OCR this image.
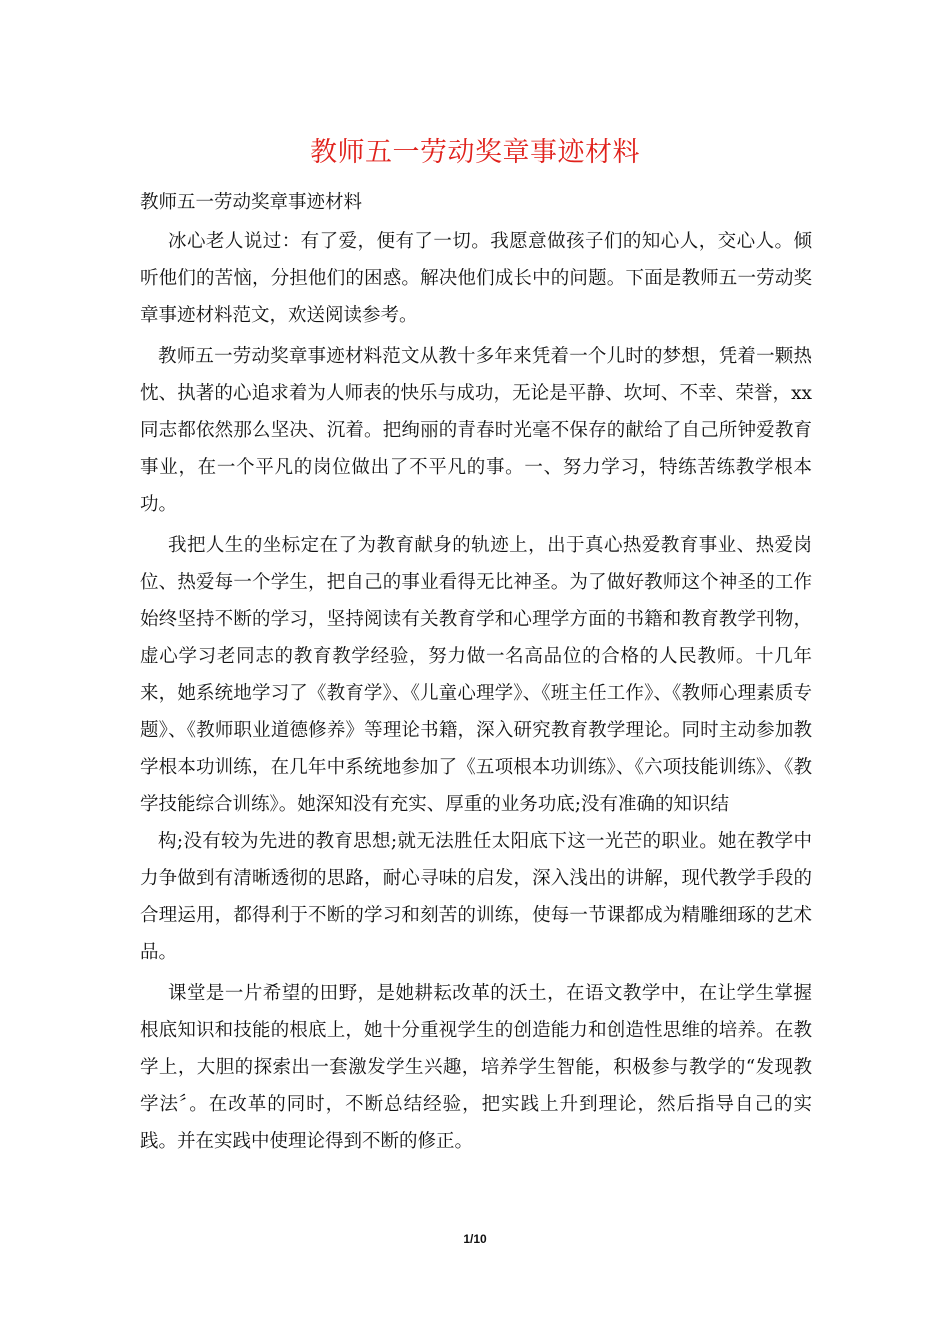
教师五一劳动奖章事迹材料

教师五一劳动奖章事迹材料

冰心老人说过：有了爱，便有了一切。我愿意做孩子们的知心人，交心人。倾听他们的苦恼，分担他们的困惑。解决他们成长中的问题。下面是教师五一劳动奖章事迹材料范文，欢送阅读参考。

教师五一劳动奖章事迹材料范文从教十多年来凭着一个儿时的梦想，凭着一颗热忱、执著的心追求着为人师表的快乐与成功，无论是平静、坎坷、不幸、荣誉，xx同志都依然那么坚决、沉着。把绚丽的青春时光毫不保存的献给了自己所钟爱教育事业，在一个平凡的岗位做出了不平凡的事。一、努力学习，特练苦练教学根本功。

我把人生的坐标定在了为教育献身的轨迹上，出于真心热爱教育事业、热爱岗位、热爱每一个学生，把自己的事业看得无比神圣。为了做好教师这个神圣的工作始终坚持不断的学习，坚持阅读有关教育学和心理学方面的书籍和教育教学刊物，虚心学习老同志的教育教学经验，努力做一名高品位的合格的人民教师。十几年来，她系统地学习了《教育学》、《儿童心理学》、《班主任工作》、《教师心理素质专题》、《教师职业道德修养》等理论书籍，深入研究教育教学理论。同时主动参加教学根本功训练，在几年中系统地参加了《五项根本功训练》、《六项技能训练》、《教学技能综合训练》。她深知没有充实、厚重的业务功底;没有准确的知识结

构;没有较为先进的教育思想;就无法胜任太阳底下这一光芒的职业。她在教学中力争做到有清晰透彻的思路，耐心寻味的启发，深入浅出的讲解，现代教学手段的合理运用，都得利于不断的学习和刻苦的训练，使每一节课都成为精雕细琢的艺术品。

课堂是一片希望的田野，是她耕耘改革的沃土，在语文教学中，在让学生掌握根底知识和技能的根底上，她十分重视学生的创造能力和创造性思维的培养。在教学上，大胆的探索出一套激发学生兴趣，培养学生智能，积极参与教学的“发现教学法〞。在改革的同时，不断总结经验，把实践上升到理论，然后指导自己的实践。并在实践中使理论得到不断的修正。

1/10
